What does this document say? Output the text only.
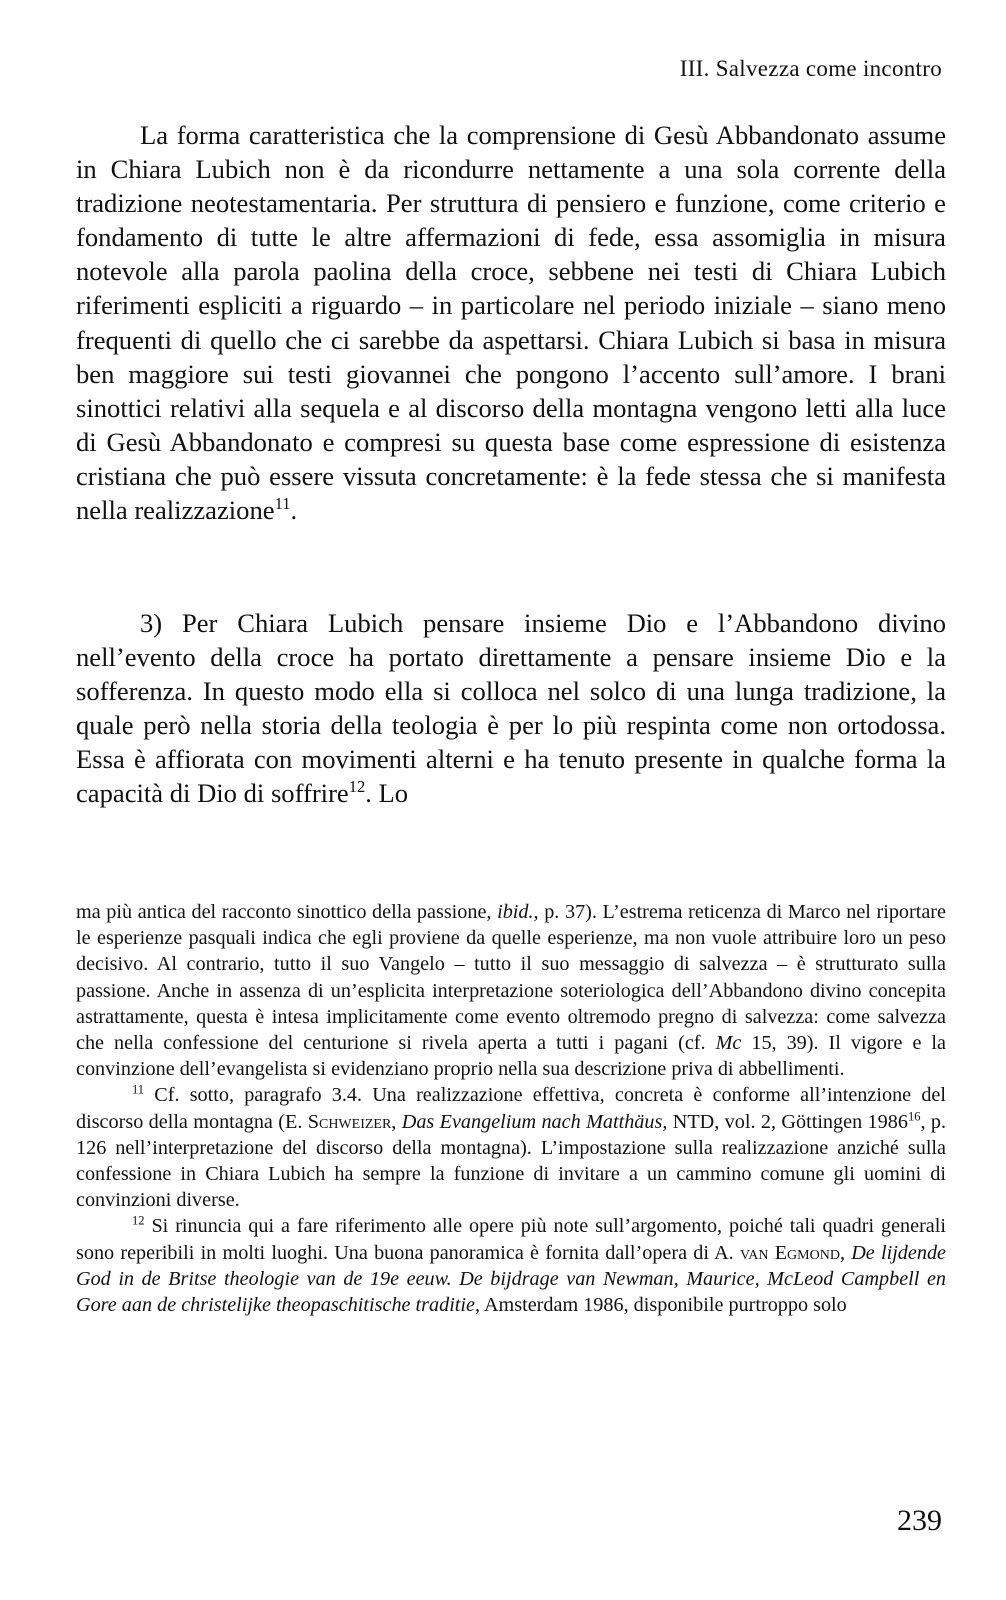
III. Salvezza come incontro
La forma caratteristica che la comprensione di Gesù Abbandonato assume in Chiara Lubich non è da ricondurre nettamente a una sola corrente della tradizione neotestamentaria. Per struttura di pensiero e funzione, come criterio e fondamento di tutte le altre affermazioni di fede, essa assomiglia in misura notevole alla parola paolina della croce, sebbene nei testi di Chiara Lubich riferimenti espliciti a riguardo – in particolare nel periodo iniziale – siano meno frequenti di quello che ci sarebbe da aspettarsi. Chiara Lubich si basa in misura ben maggiore sui testi giovannei che pongono l’accento sull’amore. I brani sinottici relativi alla sequela e al discorso della montagna vengono letti alla luce di Gesù Abbandonato e compresi su questa base come espressione di esistenza cristiana che può essere vissuta concretamente: è la fede stessa che si manifesta nella realizzazione$^{11}$.
3) Per Chiara Lubich pensare insieme Dio e l’Abbandono divino nell’evento della croce ha portato direttamente a pensare insieme Dio e la sofferenza. In questo modo ella si colloca nel solco di una lunga tradizione, la quale però nella storia della teologia è per lo più respinta come non ortodossa. Essa è affiorata con movimenti alterni e ha tenuto presente in qualche forma la capacità di Dio di soffrire$^{12}$. Lo

ma più antica del racconto sinottico della passione, ibid., p. 37). L’estrema reticenza di Marco nel riportare le esperienze pasquali indica che egli proviene da quelle esperienze, ma non vuole attribuire loro un peso decisivo. Al contrario, tutto il suo Vangelo – tutto il suo messaggio di salvezza – è strutturato sulla passione. Anche in assenza di un’esplicita interpretazione soteriologica dell’Abbandono divino concepita astrattamente, questa è intesa implicitamente come evento oltremodo pregno di salvezza: come salvezza che nella confessione del centurione si rivela aperta a tutti i pagani (cf. Mc 15, 39). Il vigore e la convinzione dell’evangelista si evidenziano proprio nella sua descrizione priva di abbellimenti.

$^{11}$ Cf. sotto, paragrafo 3.4. Una realizzazione effettiva, concreta è conforme all’intenzione del discorso della montagna (E. Schweizer, Das Evangelium nach Matthäus, NTD, vol. 2, Göttingen 1986$^{16}$, p. 126 nell’interpretazione del discorso della montagna). L’impostazione sulla realizzazione anziché sulla confessione in Chiara Lubich ha sempre la funzione di invitare a un cammino comune gli uomini di convinzioni diverse.

$^{12}$ Si rinuncia qui a fare riferimento alle opere più note sull’argomento, poiché tali quadri generali sono reperibili in molti luoghi. Una buona panoramica è fornita dall’opera di A. van Egmond, De lijdende God in de Britse theologie van de 19e eeuw. De bijdrage van Newman, Maurice, McLeod Campbell en Gore aan de christelijke theopaschitische traditie, Amsterdam 1986, disponibile purtroppo solo

239
